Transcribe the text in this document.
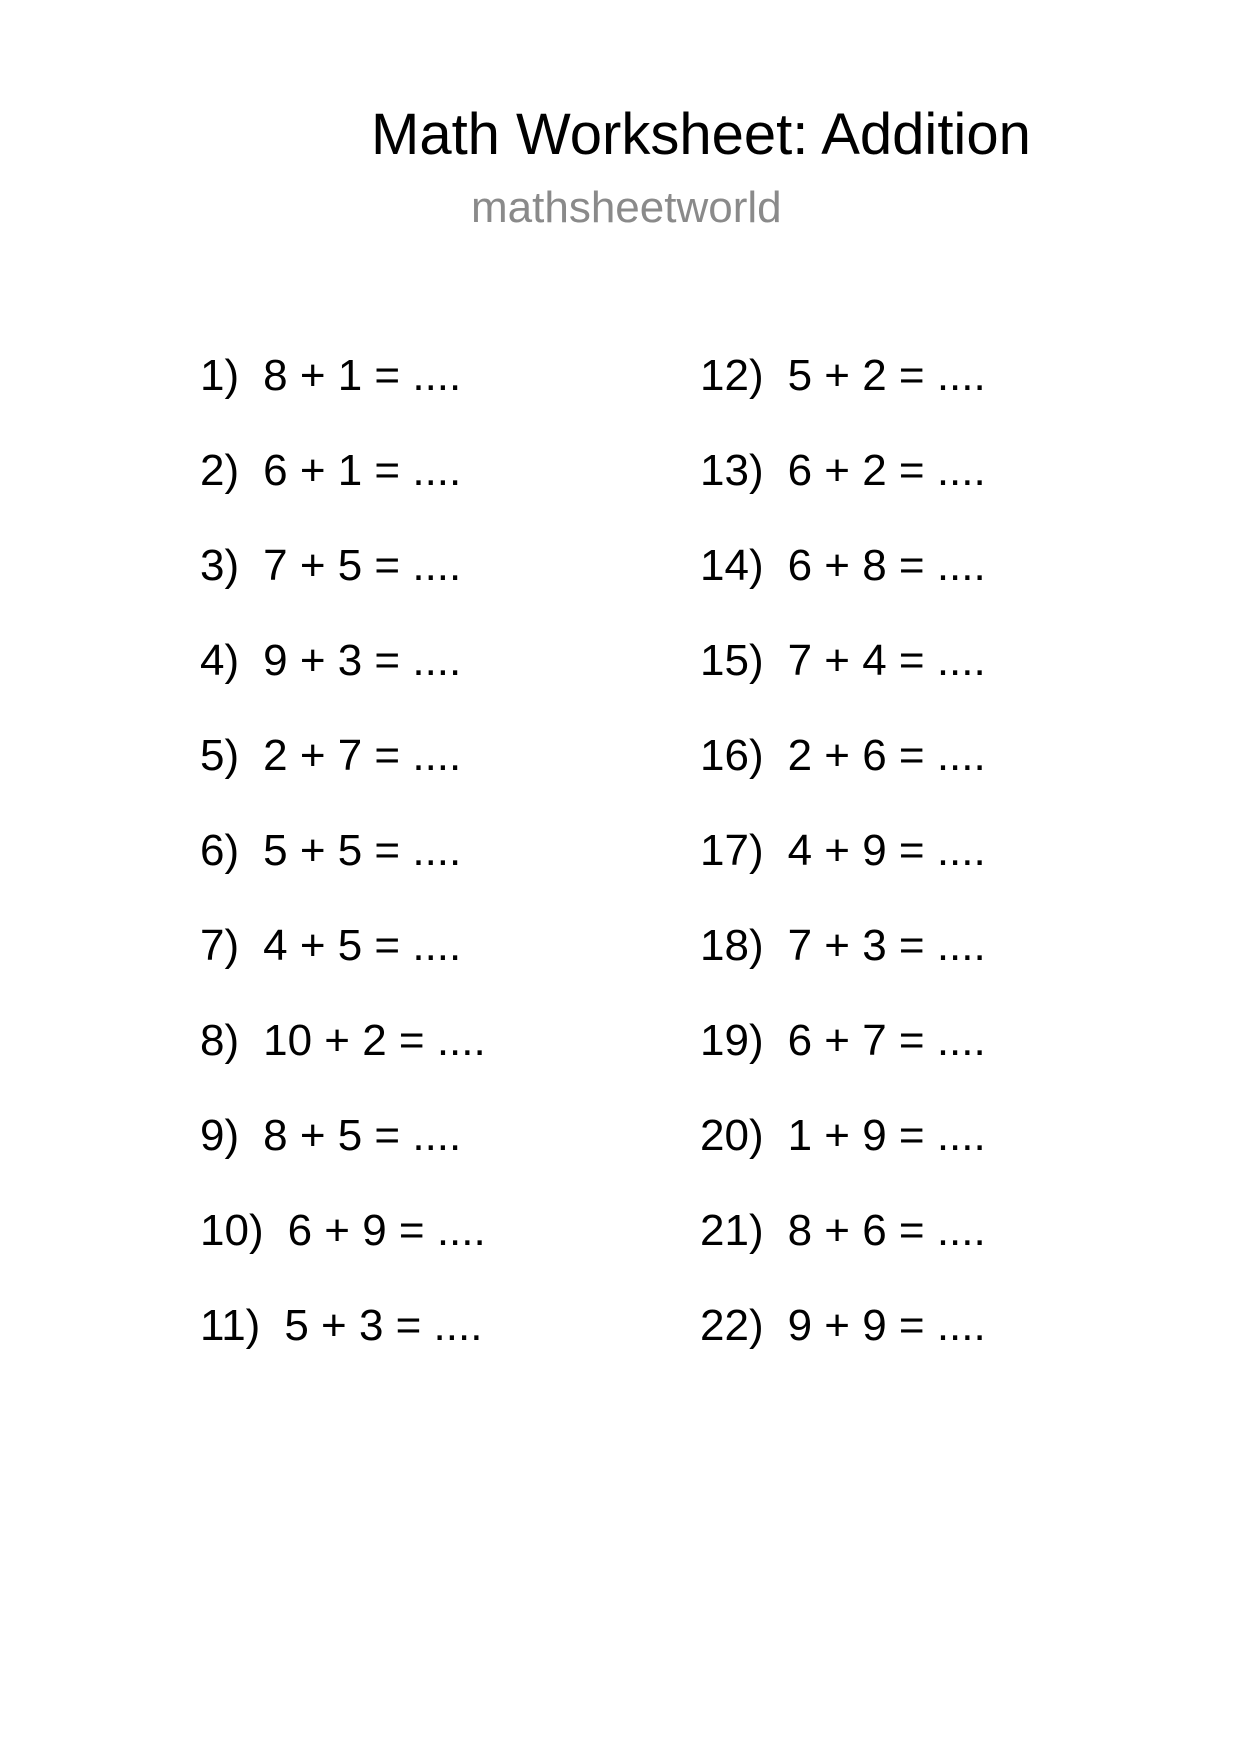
Math Worksheet: Addition
mathsheetworld
1) 8 + 1 = ....
2) 6 + 1 = ....
3) 7 + 5 = ....
4) 9 + 3 = ....
5) 2 + 7 = ....
6) 5 + 5 = ....
7) 4 + 5 = ....
8) 10 + 2 = ....
9) 8 + 5 = ....
10) 6 + 9 = ....
11) 5 + 3 = ....
12) 5 + 2 = ....
13) 6 + 2 = ....
14) 6 + 8 = ....
15) 7 + 4 = ....
16) 2 + 6 = ....
17) 4 + 9 = ....
18) 7 + 3 = ....
19) 6 + 7 = ....
20) 1 + 9 = ....
21) 8 + 6 = ....
22) 9 + 9 = ....
